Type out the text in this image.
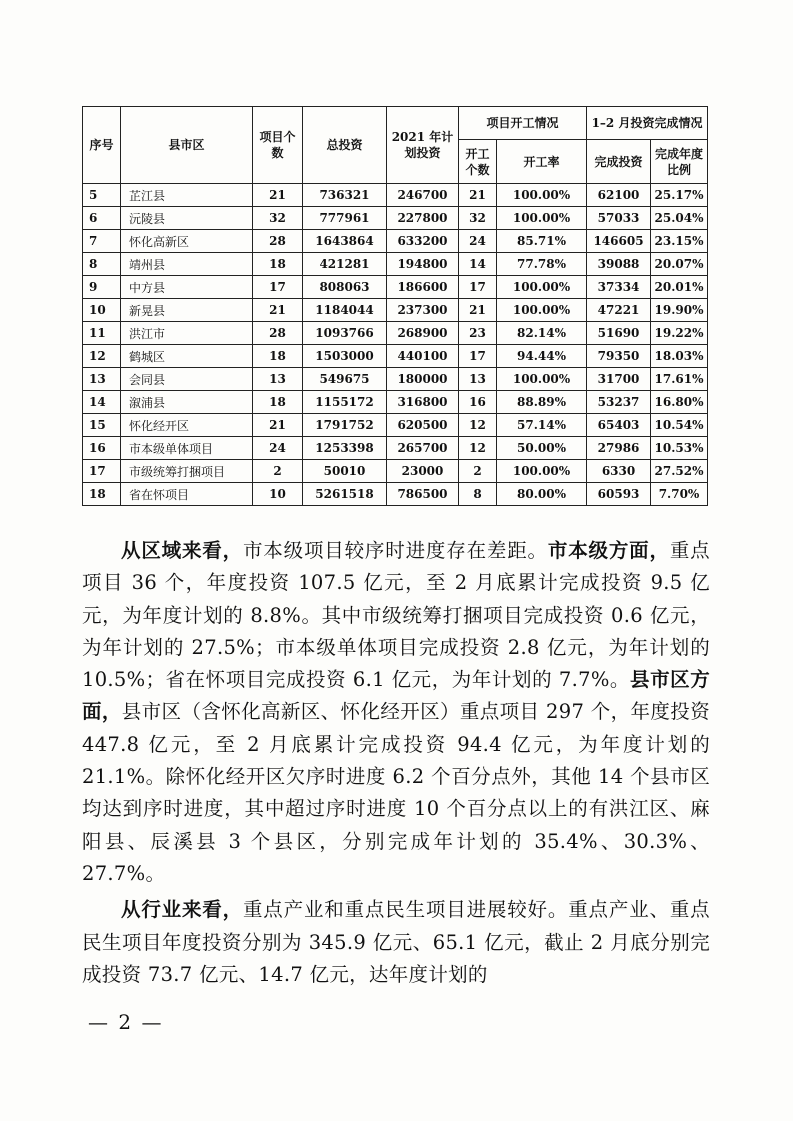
序号	县市区	项目个数	总投资	2021 年计划投资	项目开工情况		1–2 月投资完成情况	
					开工个数	开工率	完成投资	完成年度比例
5	芷江县	21	736321	246700	21	100.00%	62100	25.17%
6	沅陵县	32	777961	227800	32	100.00%	57033	25.04%
7	怀化高新区	28	1643864	633200	24	85.71%	146605	23.15%
8	靖州县	18	421281	194800	14	77.78%	39088	20.07%
9	中方县	17	808063	186600	17	100.00%	37334	20.01%
10	新晃县	21	1184044	237300	21	100.00%	47221	19.90%
11	洪江市	28	1093766	268900	23	82.14%	51690	19.22%
12	鹤城区	18	1503000	440100	17	94.44%	79350	18.03%
13	会同县	13	549675	180000	13	100.00%	31700	17.61%
14	溆浦县	18	1155172	316800	16	88.89%	53237	16.80%
15	怀化经开区	21	1791752	620500	12	57.14%	65403	10.54%
16	市本级单体项目	24	1253398	265700	12	50.00%	27986	10.53%
17	市级统筹打捆项目	2	50010	23000	2	100.00%	6330	27.52%
18	省在怀项目	10	5261518	786500	8	80.00%	60593	7.70%

从区域来看，市本级项目较序时进度存在差距。市本级方面，重点项目 36 个，年度投资 107.5 亿元，至 2 月底累计完成投资 9.5 亿元，为年度计划的 8.8%。其中市级统筹打捆项目完成投资 0.6 亿元，为年计划的 27.5%；市本级单体项目完成投资 2.8 亿元，为年计划的 10.5%；省在怀项目完成投资 6.1 亿元，为年计划的 7.7%。县市区方面，县市区（含怀化高新区、怀化经开区）重点项目 297 个，年度投资 447.8 亿元，至 2 月底累计完成投资 94.4 亿元，为年度计划的 21.1%。除怀化经开区欠序时进度 6.2 个百分点外，其他 14 个县市区均达到序时进度，其中超过序时进度 10 个百分点以上的有洪江区、麻阳县、辰溪县 3 个县区，分别完成年计划的 35.4%、30.3%、27.7%。

从行业来看，重点产业和重点民生项目进展较好。重点产业、重点民生项目年度投资分别为 345.9 亿元、65.1 亿元，截止 2 月底分别完成投资 73.7 亿元、14.7 亿元，达年度计划的

— 2 —
